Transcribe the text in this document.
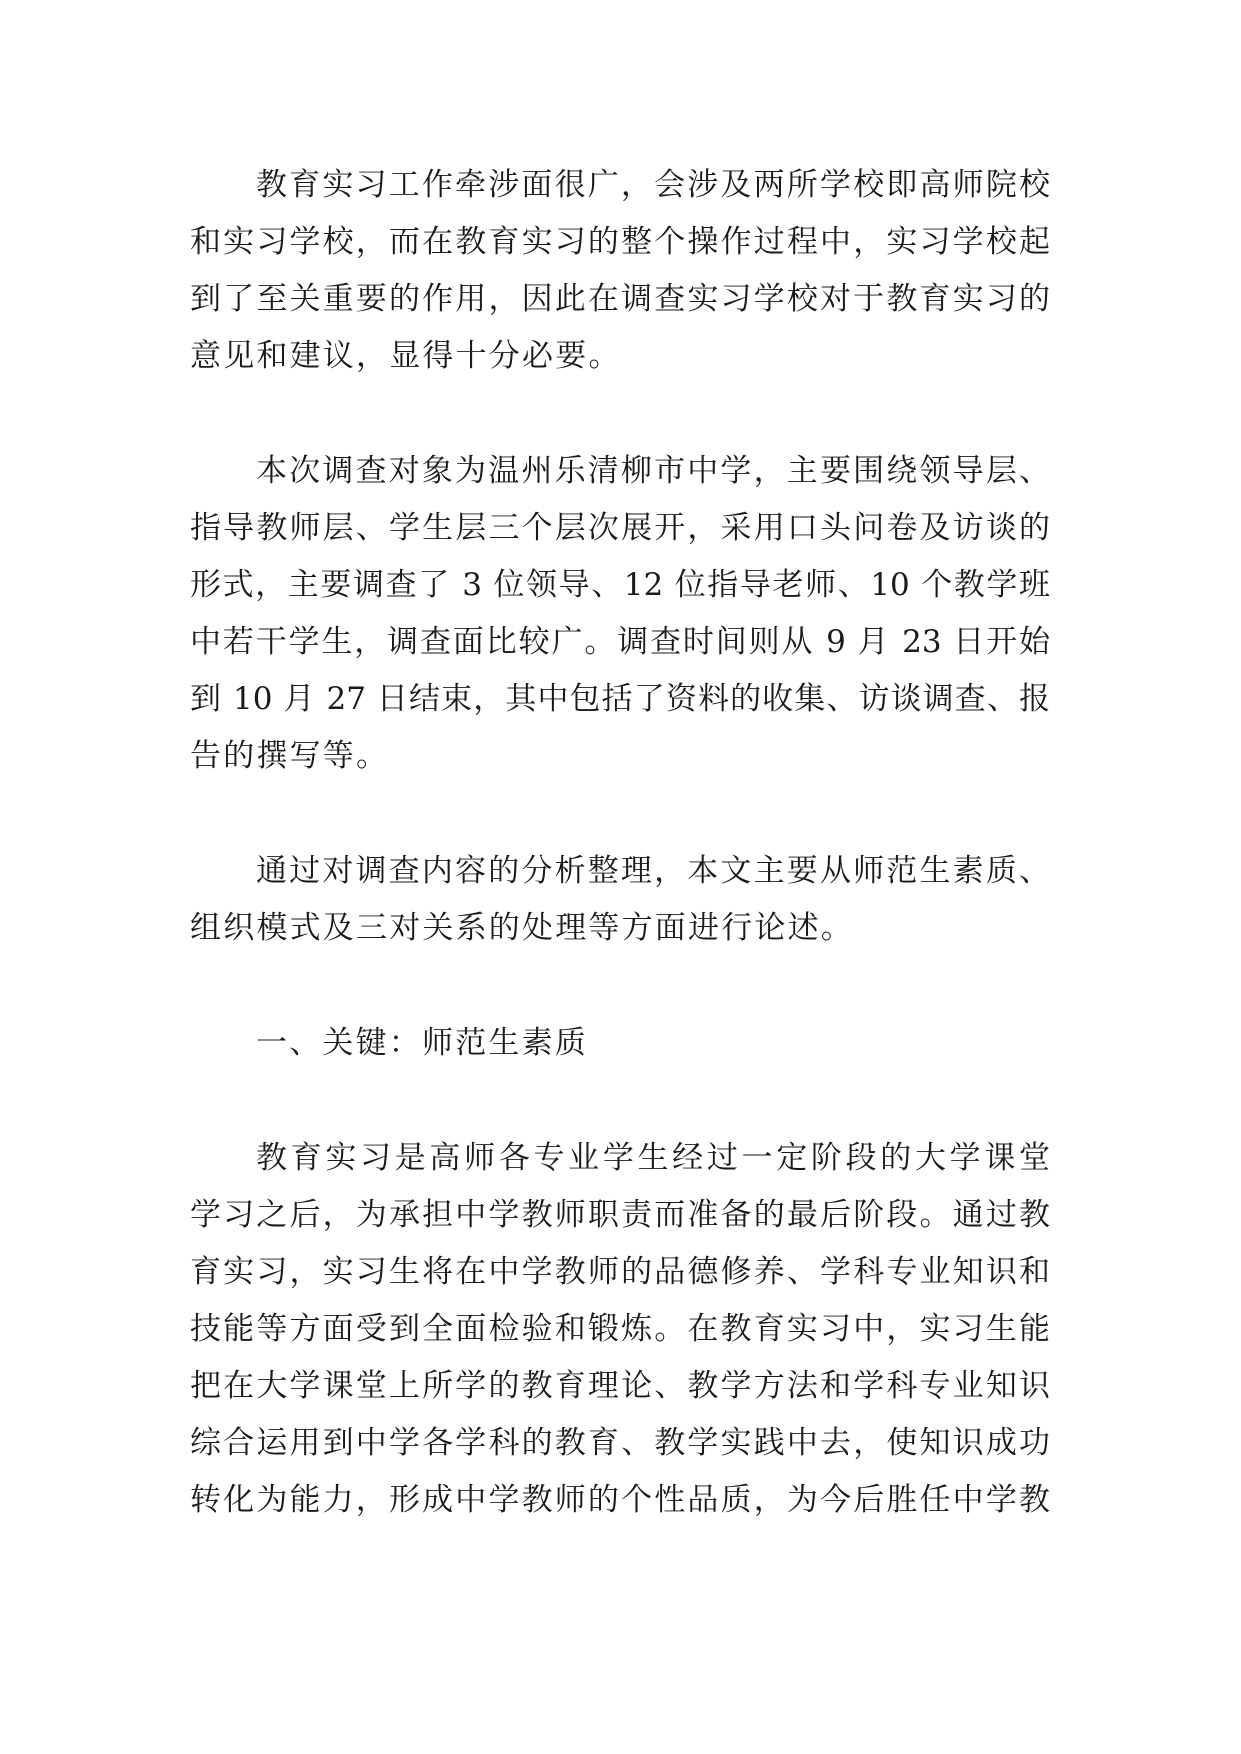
教育实习工作牵涉面很广，会涉及两所学校即高师院校
和实习学校，而在教育实习的整个操作过程中，实习学校起
到了至关重要的作用，因此在调查实习学校对于教育实习的
意见和建议，显得十分必要。
本次调查对象为温州乐清柳市中学，主要围绕领导层、
指导教师层、学生层三个层次展开，采用口头问卷及访谈的
形式，主要调查了 3 位领导、12 位指导老师、10 个教学班
中若干学生，调查面比较广。调查时间则从 9 月 23 日开始
到 10 月 27 日结束，其中包括了资料的收集、访谈调查、报
告的撰写等。
通过对调查内容的分析整理，本文主要从师范生素质、
组织模式及三对关系的处理等方面进行论述。
一、关键：师范生素质
教育实习是高师各专业学生经过一定阶段的大学课堂
学习之后，为承担中学教师职责而准备的最后阶段。通过教
育实习，实习生将在中学教师的品德修养、学科专业知识和
技能等方面受到全面检验和锻炼。在教育实习中，实习生能
把在大学课堂上所学的教育理论、教学方法和学科专业知识
综合运用到中学各学科的教育、教学实践中去，使知识成功
转化为能力，形成中学教师的个性品质，为今后胜任中学教
